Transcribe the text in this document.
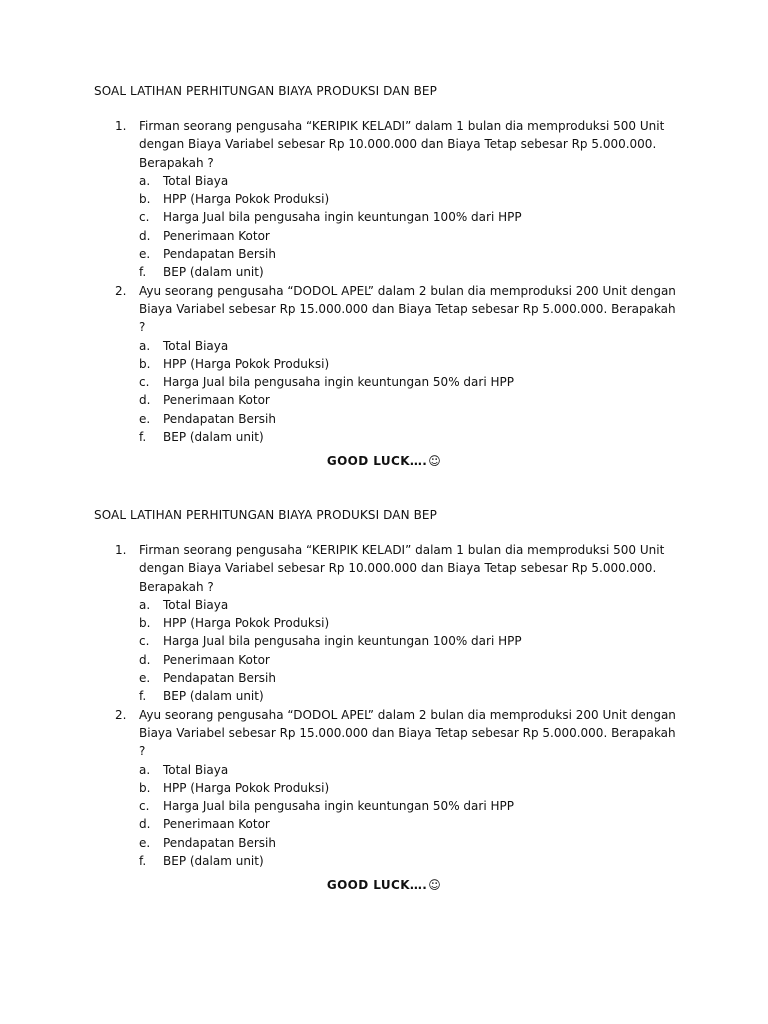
SOAL LATIHAN PERHITUNGAN BIAYA PRODUKSI DAN BEP
1. Firman seorang pengusaha “KERIPIK KELADI” dalam 1 bulan dia memproduksi 500 Unit dengan Biaya Variabel sebesar Rp 10.000.000 dan Biaya Tetap sebesar Rp 5.000.000. Berapakah ?
a. Total Biaya
b. HPP (Harga Pokok Produksi)
c. Harga Jual bila pengusaha ingin keuntungan 100% dari HPP
d. Penerimaan Kotor
e. Pendapatan Bersih
f. BEP (dalam unit)
2. Ayu seorang pengusaha “DODOL APEL” dalam 2 bulan dia memproduksi 200 Unit dengan Biaya Variabel sebesar Rp 15.000.000 dan Biaya Tetap sebesar Rp 5.000.000. Berapakah ?
a. Total Biaya
b. HPP (Harga Pokok Produksi)
c. Harga Jual bila pengusaha ingin keuntungan 50% dari HPP
d. Penerimaan Kotor
e. Pendapatan Bersih
f. BEP (dalam unit)
GOOD LUCK….☺
SOAL LATIHAN PERHITUNGAN BIAYA PRODUKSI DAN BEP
1. Firman seorang pengusaha “KERIPIK KELADI” dalam 1 bulan dia memproduksi 500 Unit dengan Biaya Variabel sebesar Rp 10.000.000 dan Biaya Tetap sebesar Rp 5.000.000. Berapakah ?
a. Total Biaya
b. HPP (Harga Pokok Produksi)
c. Harga Jual bila pengusaha ingin keuntungan 100% dari HPP
d. Penerimaan Kotor
e. Pendapatan Bersih
f. BEP (dalam unit)
2. Ayu seorang pengusaha “DODOL APEL” dalam 2 bulan dia memproduksi 200 Unit dengan Biaya Variabel sebesar Rp 15.000.000 dan Biaya Tetap sebesar Rp 5.000.000. Berapakah ?
a. Total Biaya
b. HPP (Harga Pokok Produksi)
c. Harga Jual bila pengusaha ingin keuntungan 50% dari HPP
d. Penerimaan Kotor
e. Pendapatan Bersih
f. BEP (dalam unit)
GOOD LUCK….☺
